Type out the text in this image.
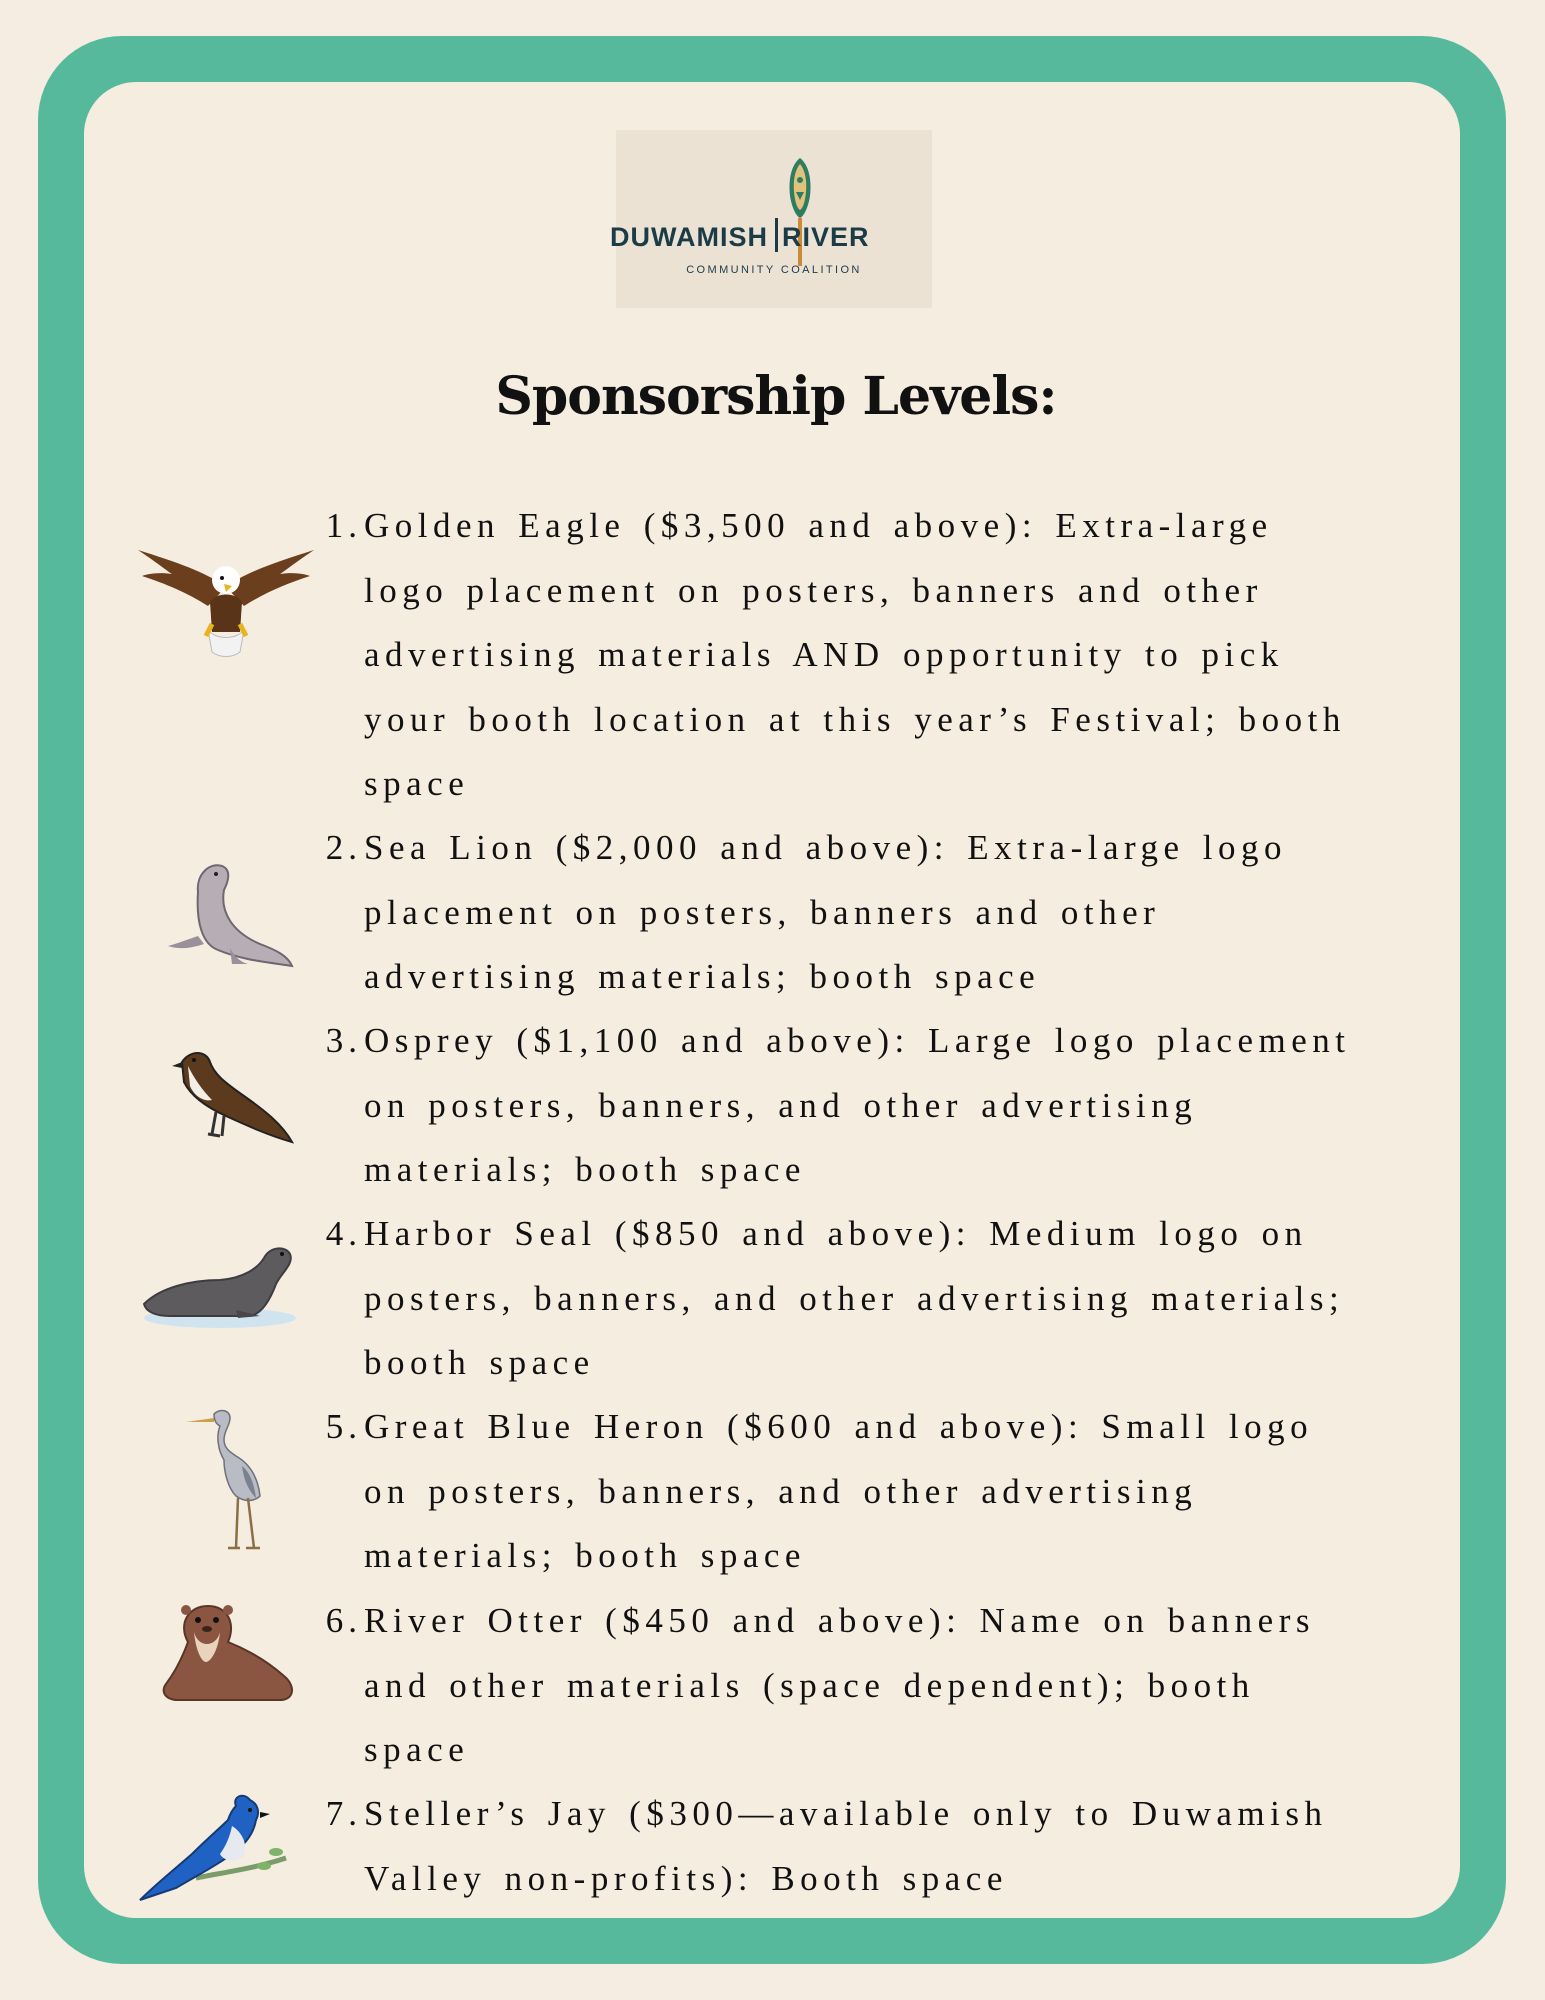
DUWAMISH RIVER
COMMUNITY COALITION
Sponsorship Levels:
1. Golden Eagle ($3,500 and above): Extra-large
logo placement on posters, banners and other
advertising materials AND opportunity to pick
your booth location at this year’s Festival; booth
space
2. Sea Lion ($2,000 and above): Extra-large logo
placement on posters, banners and other
advertising materials; booth space
3. Osprey ($1,100 and above): Large logo placement
on posters, banners, and other advertising
materials; booth space
4. Harbor Seal ($850 and above): Medium logo on
posters, banners, and other advertising materials;
booth space
5. Great Blue Heron ($600 and above): Small logo
on posters, banners, and other advertising
materials; booth space
6. River Otter ($450 and above): Name on banners
and other materials (space dependent); booth
space
7. Steller’s Jay ($300—available only to Duwamish
Valley non-profits): Booth space
